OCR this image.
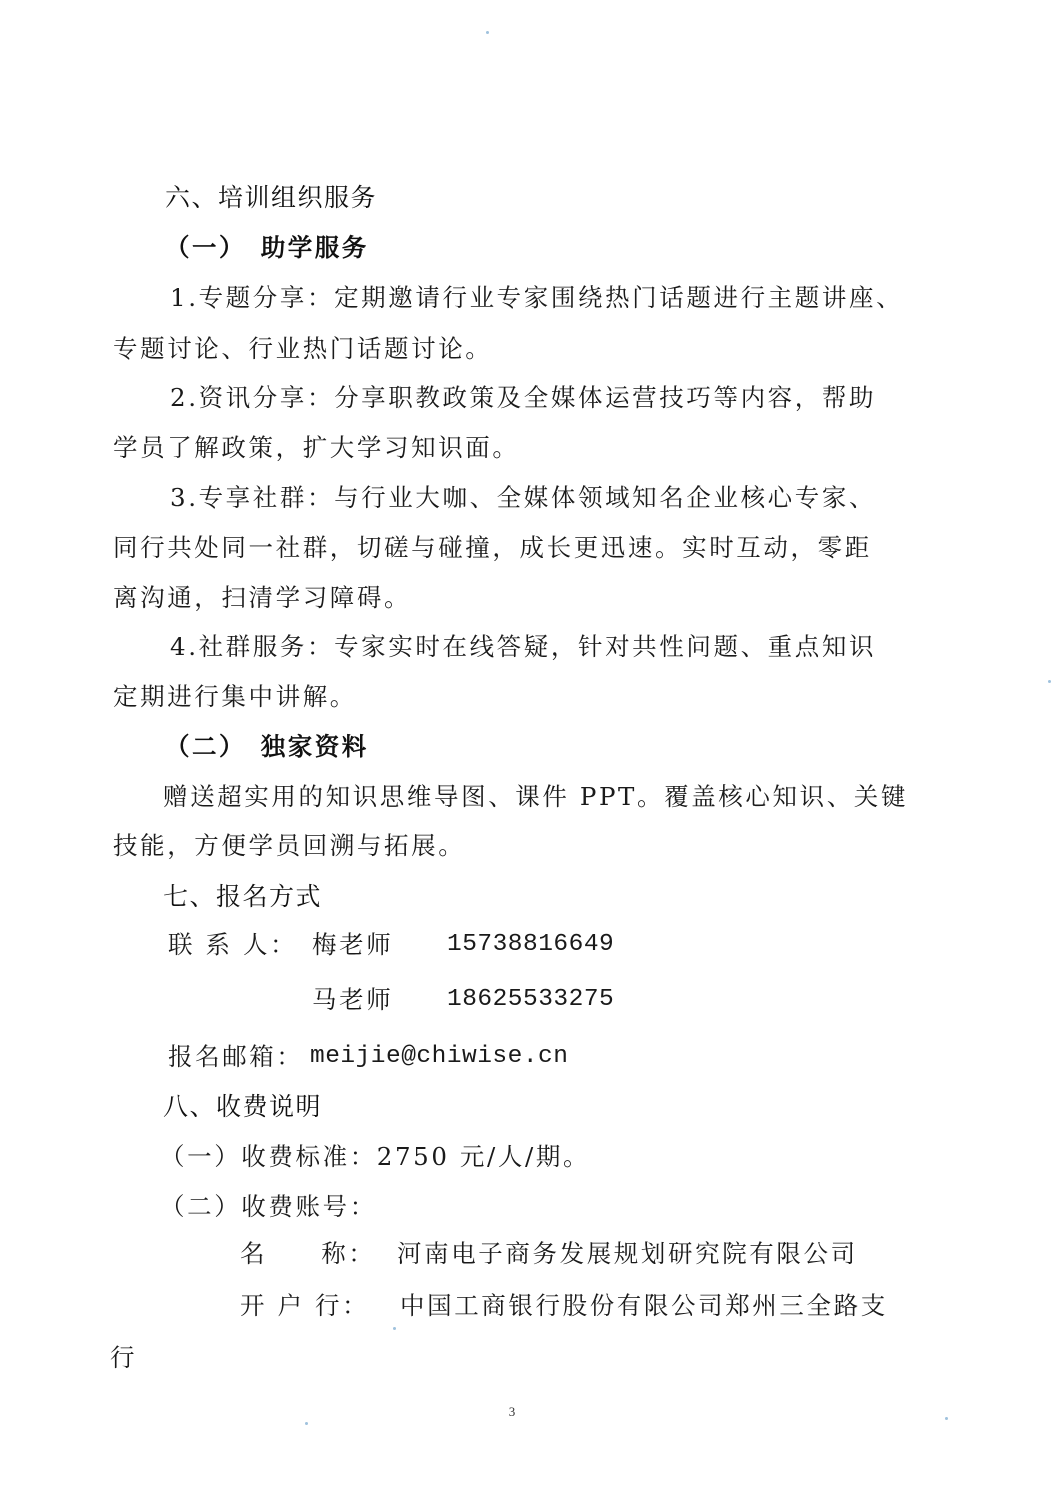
六、培训组织服务
（一）　助学服务
1.专题分享：定期邀请行业专家围绕热门话题进行主题讲座、
专题讨论、行业热门话题讨论。
2.资讯分享：分享职教政策及全媒体运营技巧等内容，帮助
学员了解政策，扩大学习知识面。
3.专享社群：与行业大咖、全媒体领域知名企业核心专家、
同行共处同一社群，切磋与碰撞，成长更迅速。实时互动，零距
离沟通，扫清学习障碍。
4.社群服务：专家实时在线答疑，针对共性问题、重点知识
定期进行集中讲解。
（二）　独家资料
赠送超实用的知识思维导图、课件 PPT。覆盖核心知识、关键
技能，方便学员回溯与拓展。
七、报名方式
联 系 人： 梅老师 15738816649
马老师 18625533275
报名邮箱： meijie@chiwise.cn
八、收费说明
（一）收费标准：2750 元/人/期。
（二）收费账号：
名　　称： 河南电子商务发展规划研究院有限公司
开 户 行： 中国工商银行股份有限公司郑州三全路支
行
3
